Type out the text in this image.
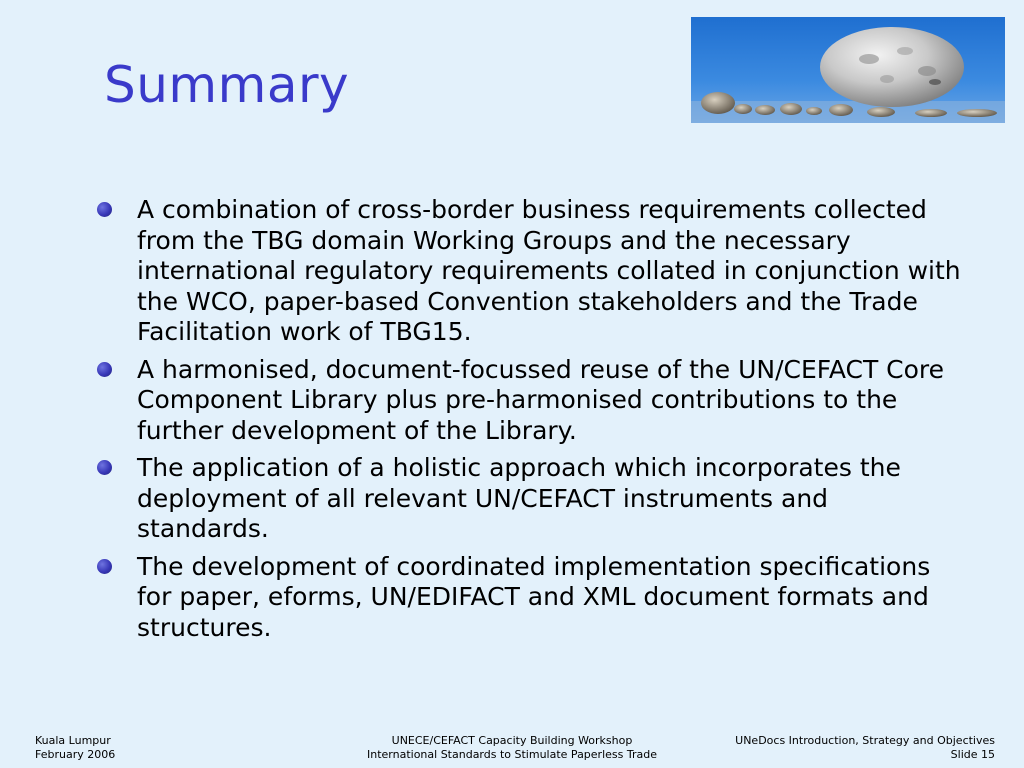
Summary
A combination of cross-border business requirements collected from the TBG domain Working Groups and the necessary international regulatory requirements collated in conjunction with the WCO, paper-based Convention stakeholders and the Trade Facilitation work of TBG15.
A harmonised, document-focussed reuse of the UN/CEFACT Core Component Library plus pre-harmonised contributions to the further development of the Library.
The application of a holistic approach which incorporates the deployment of all relevant UN/CEFACT instruments and standards.
The development of coordinated implementation specifications for paper, eforms, UN/EDIFACT and XML document formats and structures.
Kuala Lumpur
February 2006
UNECE/CEFACT Capacity Building Workshop
International Standards to Stimulate Paperless Trade
UNeDocs Introduction, Strategy and Objectives
Slide 15
